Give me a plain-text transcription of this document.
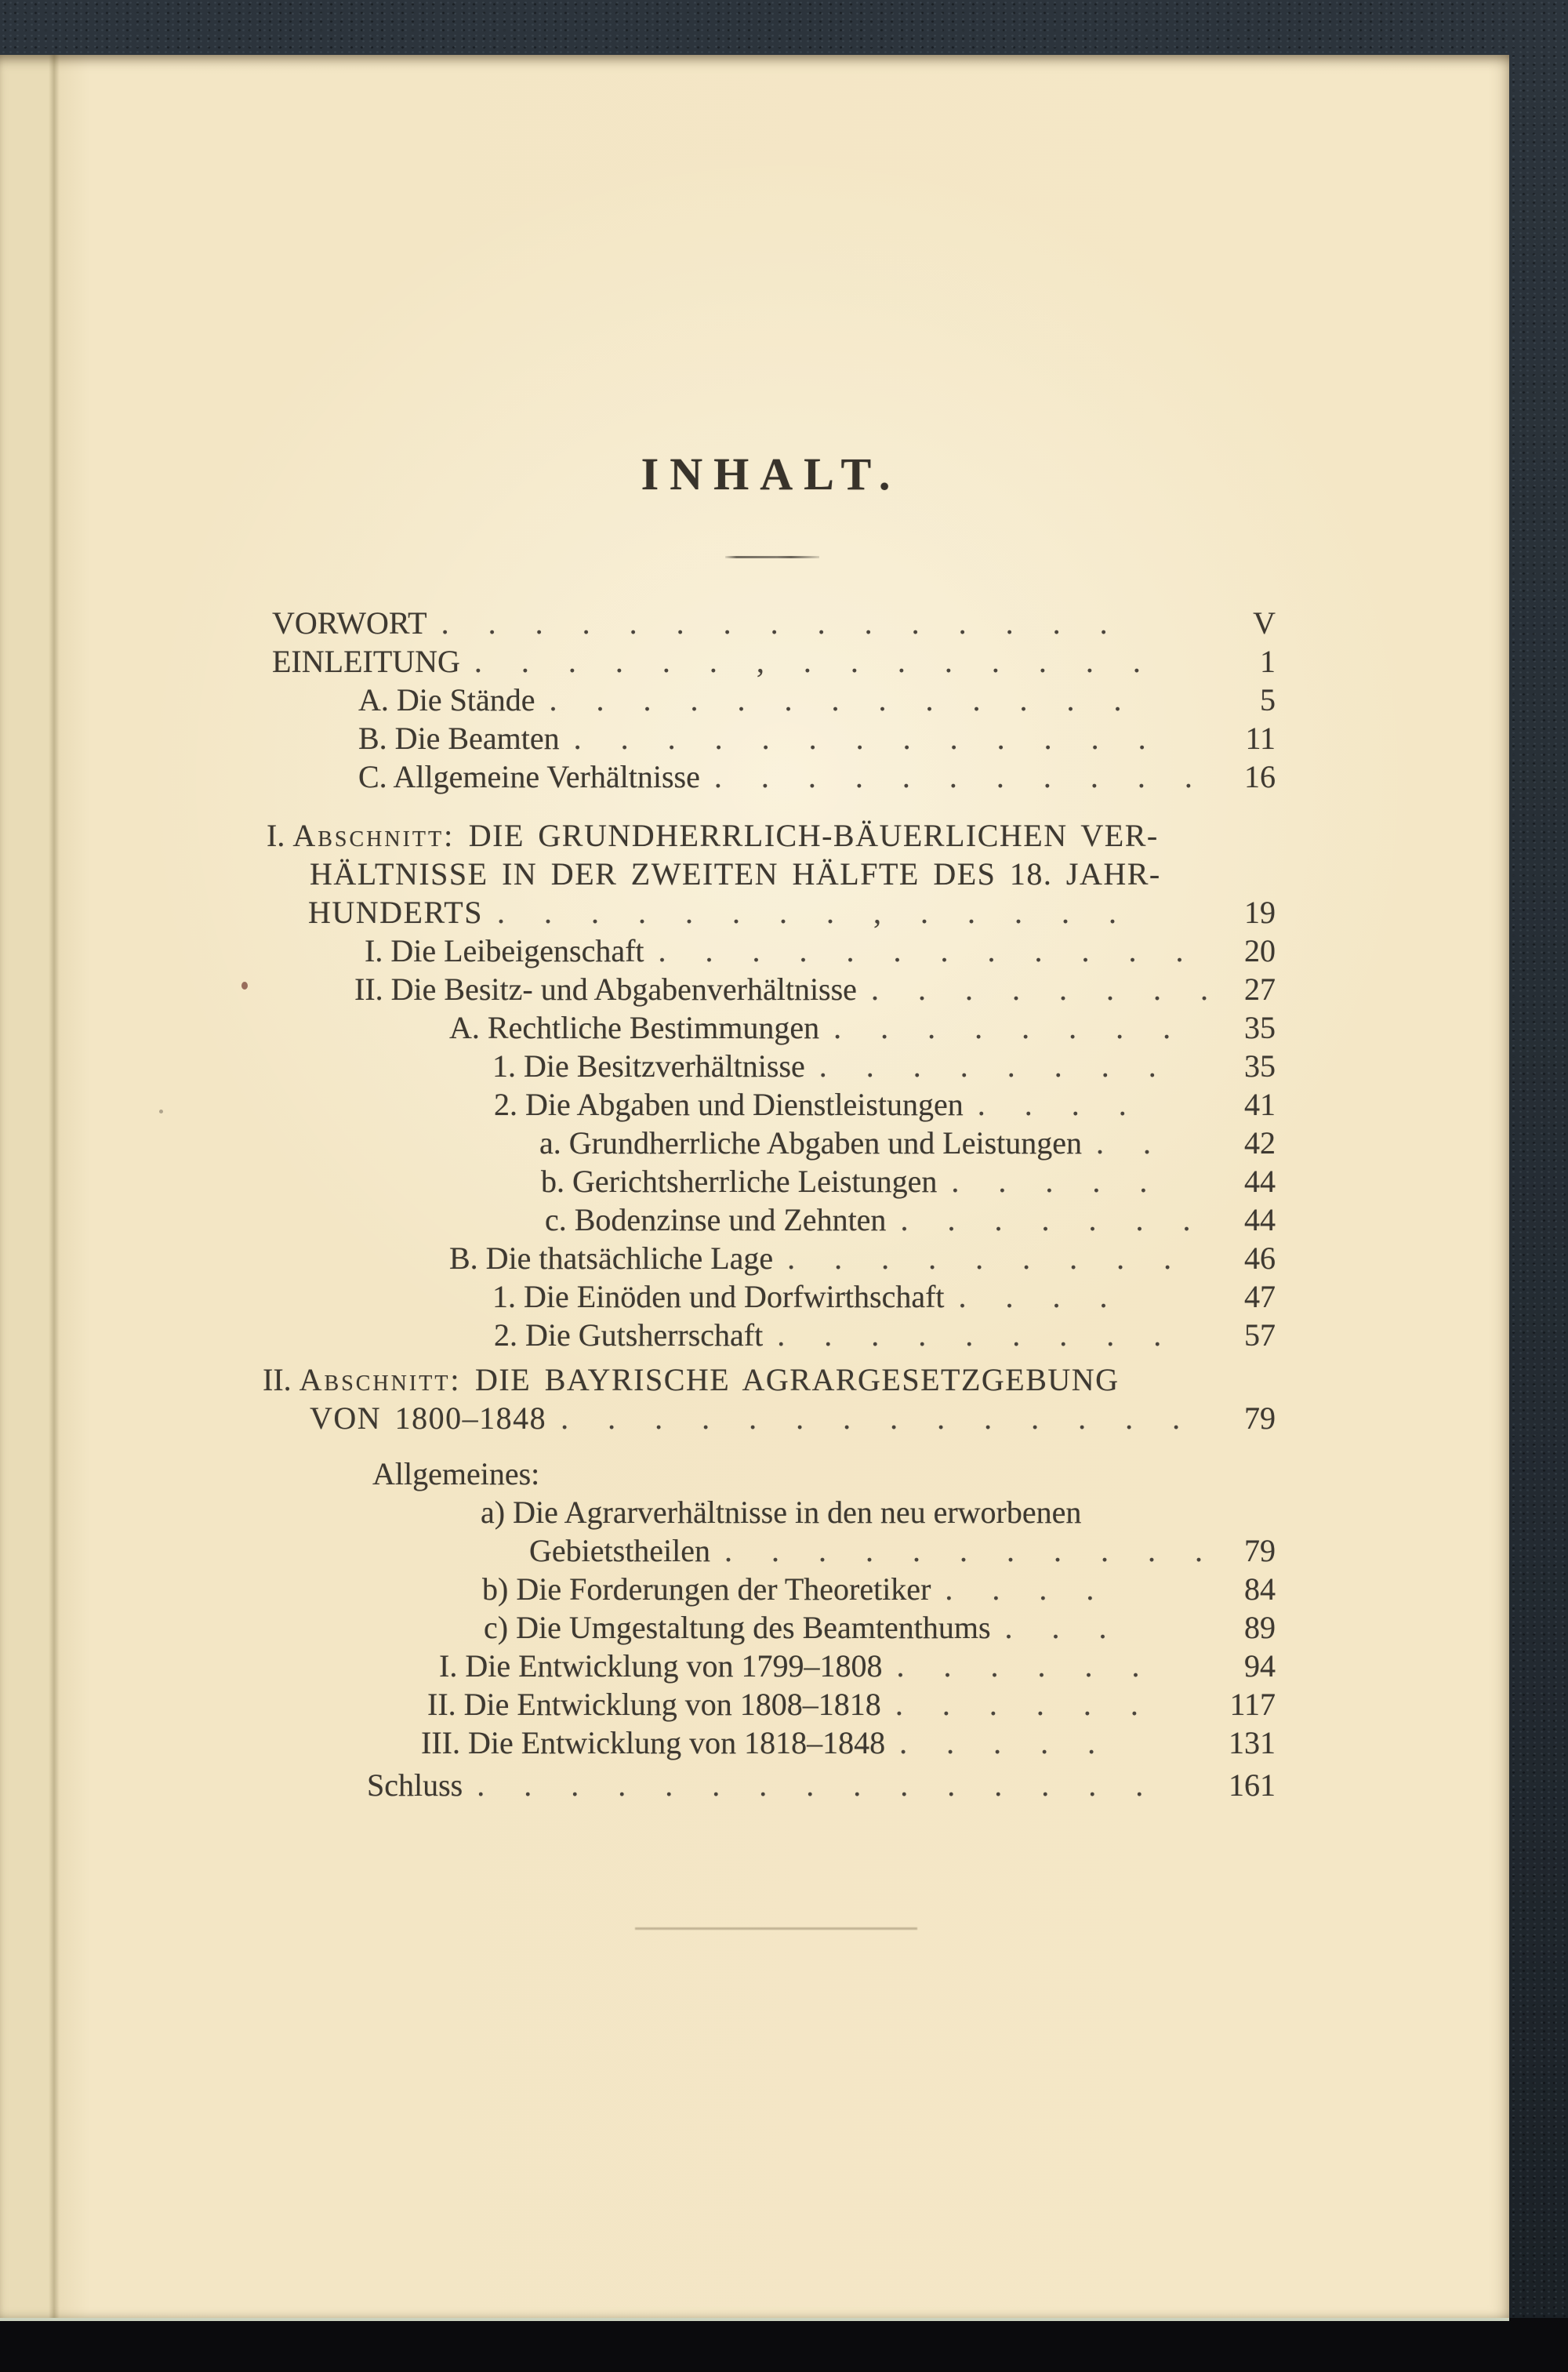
INHALT.
VORWORT . . . . . . . . . . . . . . .	V
EINLEITUNG . . . . . . , . . . . . . . .	1
A. Die Stände . . . . . . . . . . . . .	5
B. Die Beamten . . . . . . . . . . . . .	11
C. Allgemeine Verhältnisse . . . . . . . . . . .	16
I. Abschnitt: DIE GRUNDHERRLICH-BÄUERLICHEN VER-
HÄLTNISSE IN DER ZWEITEN HÄLFTE DES 18. JAHR-
HUNDERTS . . . . . . . . , . . . . .	19
I. Die Leibeigenschaft . . . . . . . . . . . .	20
II. Die Besitz- und Abgabenverhältnisse . . . . . . . .	27
A. Rechtliche Bestimmungen . . . . . . . .	35
1. Die Besitzverhältnisse . . . . . . . .	35
2. Die Abgaben und Dienstleistungen . . . .	41
a. Grundherrliche Abgaben und Leistungen . .	42
b. Gerichtsherrliche Leistungen . . . . .	44
c. Bodenzinse und Zehnten . . . . . . .	44
B. Die thatsächliche Lage . . . . . . . . .	46
1. Die Einöden und Dorfwirthschaft . . . .	47
2. Die Gutsherrschaft . . . . . . . . .	57
II. Abschnitt: DIE BAYRISCHE AGRARGESETZGEBUNG
VON 1800–1848 . . . . . . . . . . . . . .	79
Allgemeines:
a) Die Agrarverhältnisse in den neu erworbenen
Gebietstheilen . . . . . . . . . . .	79
b) Die Forderungen der Theoretiker . . . .	84
c) Die Umgestaltung des Beamtenthums . . .	89
I. Die Entwicklung von 1799–1808 . . . . . .	94
II. Die Entwicklung von 1808–1818 . . . . . .	117
III. Die Entwicklung von 1818–1848 . . . . .	131
Schluss . . . . . . . . . . . . . . .	161
